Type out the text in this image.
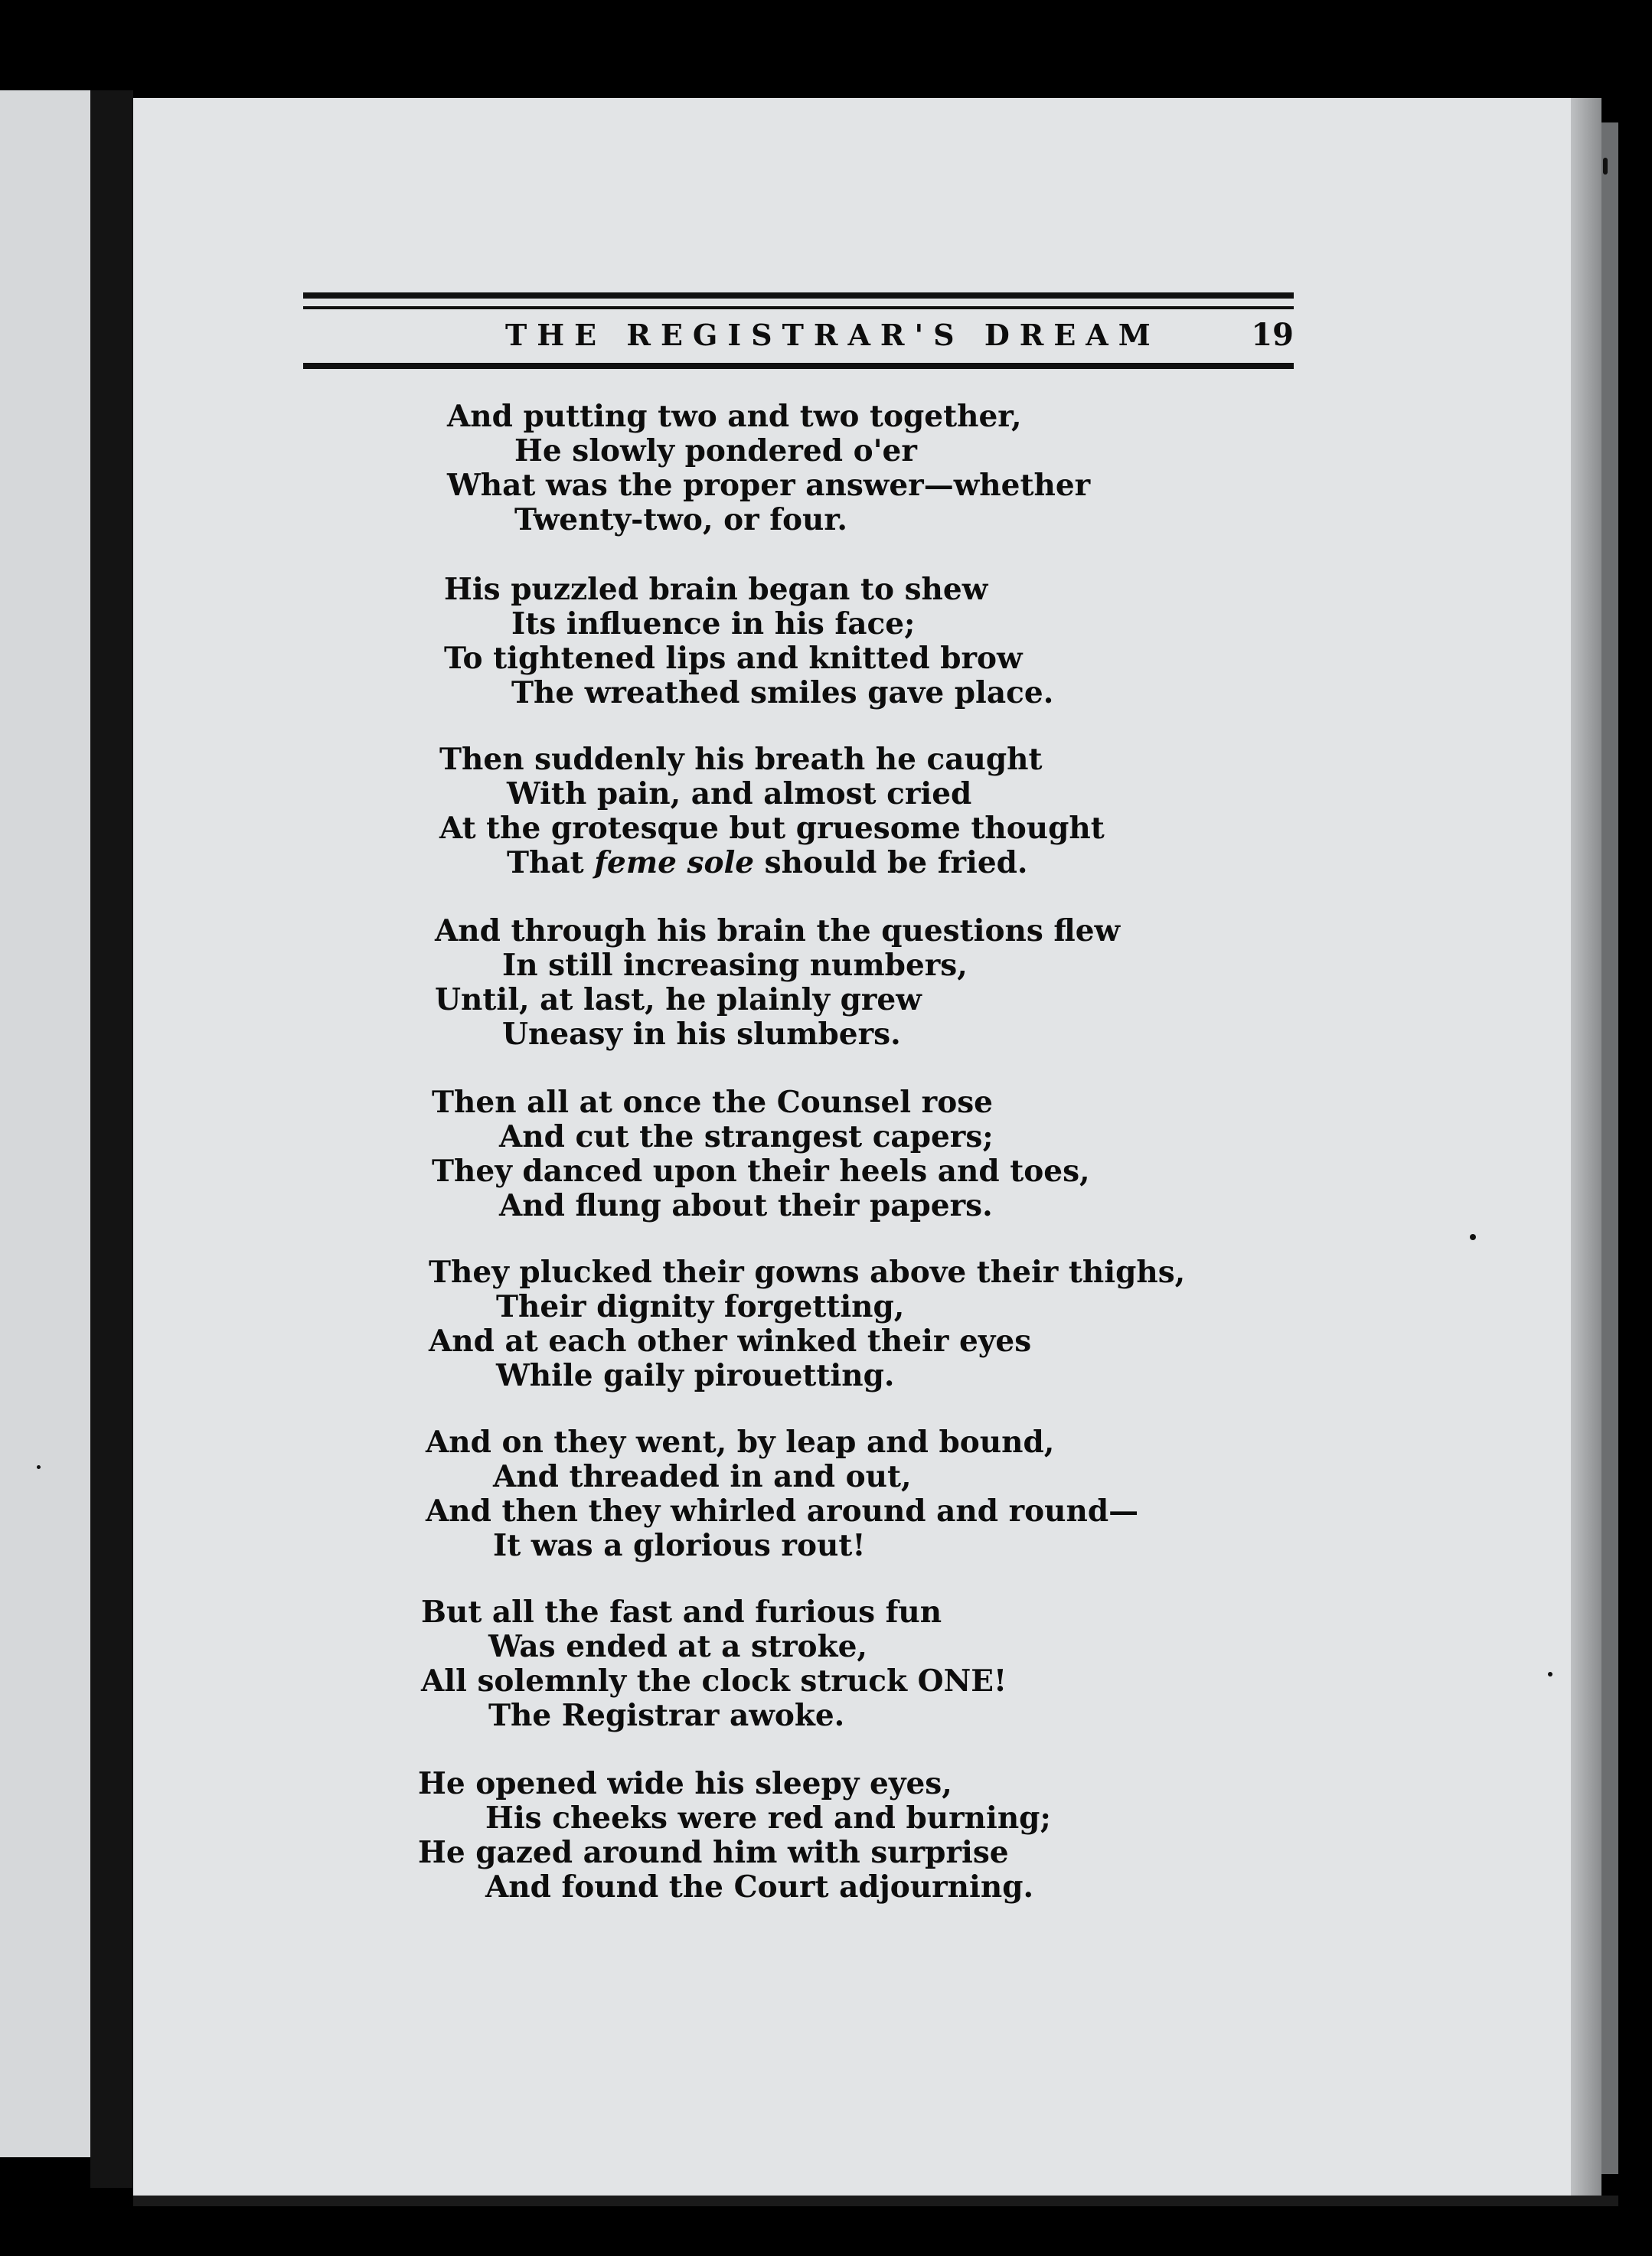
THE REGISTRAR'S DREAM	19
And putting two and two together,
He slowly pondered o'er
What was the proper answer—whether
Twenty-two, or four.
His puzzled brain began to shew
Its influence in his face;
To tightened lips and knitted brow
The wreathed smiles gave place.
Then suddenly his breath he caught
With pain, and almost cried
At the grotesque but gruesome thought
That feme sole should be fried.
And through his brain the questions flew
In still increasing numbers,
Until, at last, he plainly grew
Uneasy in his slumbers.
Then all at once the Counsel rose
And cut the strangest capers;
They danced upon their heels and toes,
And flung about their papers.
They plucked their gowns above their thighs,
Their dignity forgetting,
And at each other winked their eyes
While gaily pirouetting.
And on they went, by leap and bound,
And threaded in and out,
And then they whirled around and round—
It was a glorious rout!
But all the fast and furious fun
Was ended at a stroke,
All solemnly the clock struck ONE!
The Registrar awoke.
He opened wide his sleepy eyes,
His cheeks were red and burning;
He gazed around him with surprise
And found the Court adjourning.
